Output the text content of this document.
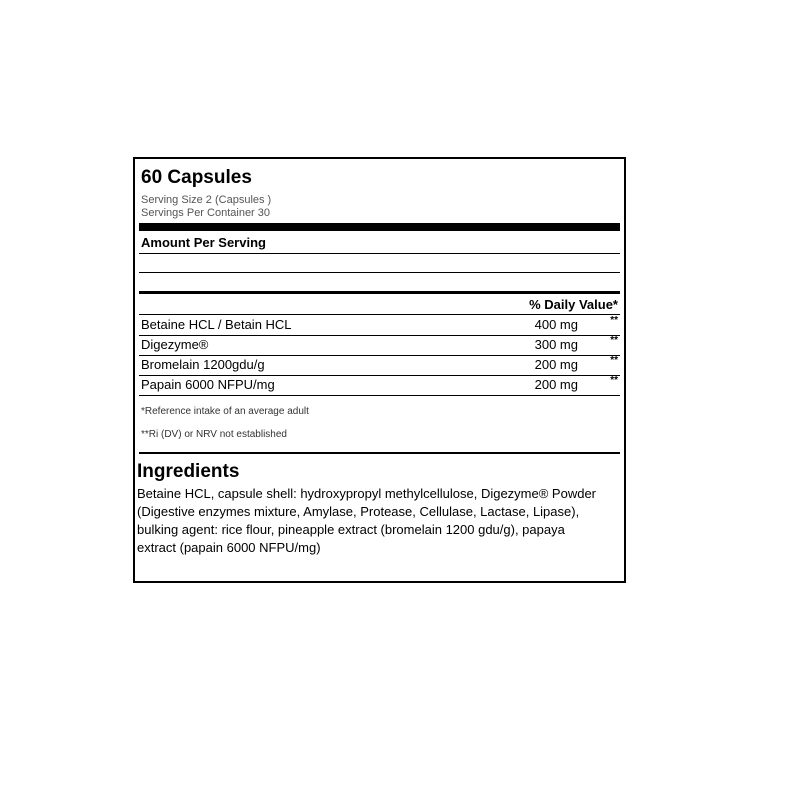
60 Capsules
Serving Size 2 (Capsules )
Servings Per Container 30
Amount Per Serving
% Daily Value*
Betaine HCL / Betain HCL	400 mg	**
Digezyme®	300 mg	**
Bromelain 1200gdu/g	200 mg	**
Papain 6000 NFPU/mg	200 mg	**
*Reference intake of an average adult
**Ri (DV) or NRV not established
Ingredients
Betaine HCL, capsule shell: hydroxypropyl methylcellulose, Digezyme® Powder (Digestive enzymes mixture, Amylase, Protease, Cellulase, Lactase, Lipase), bulking agent: rice flour, pineapple extract (bromelain 1200 gdu/g), papaya extract (papain 6000 NFPU/mg)
